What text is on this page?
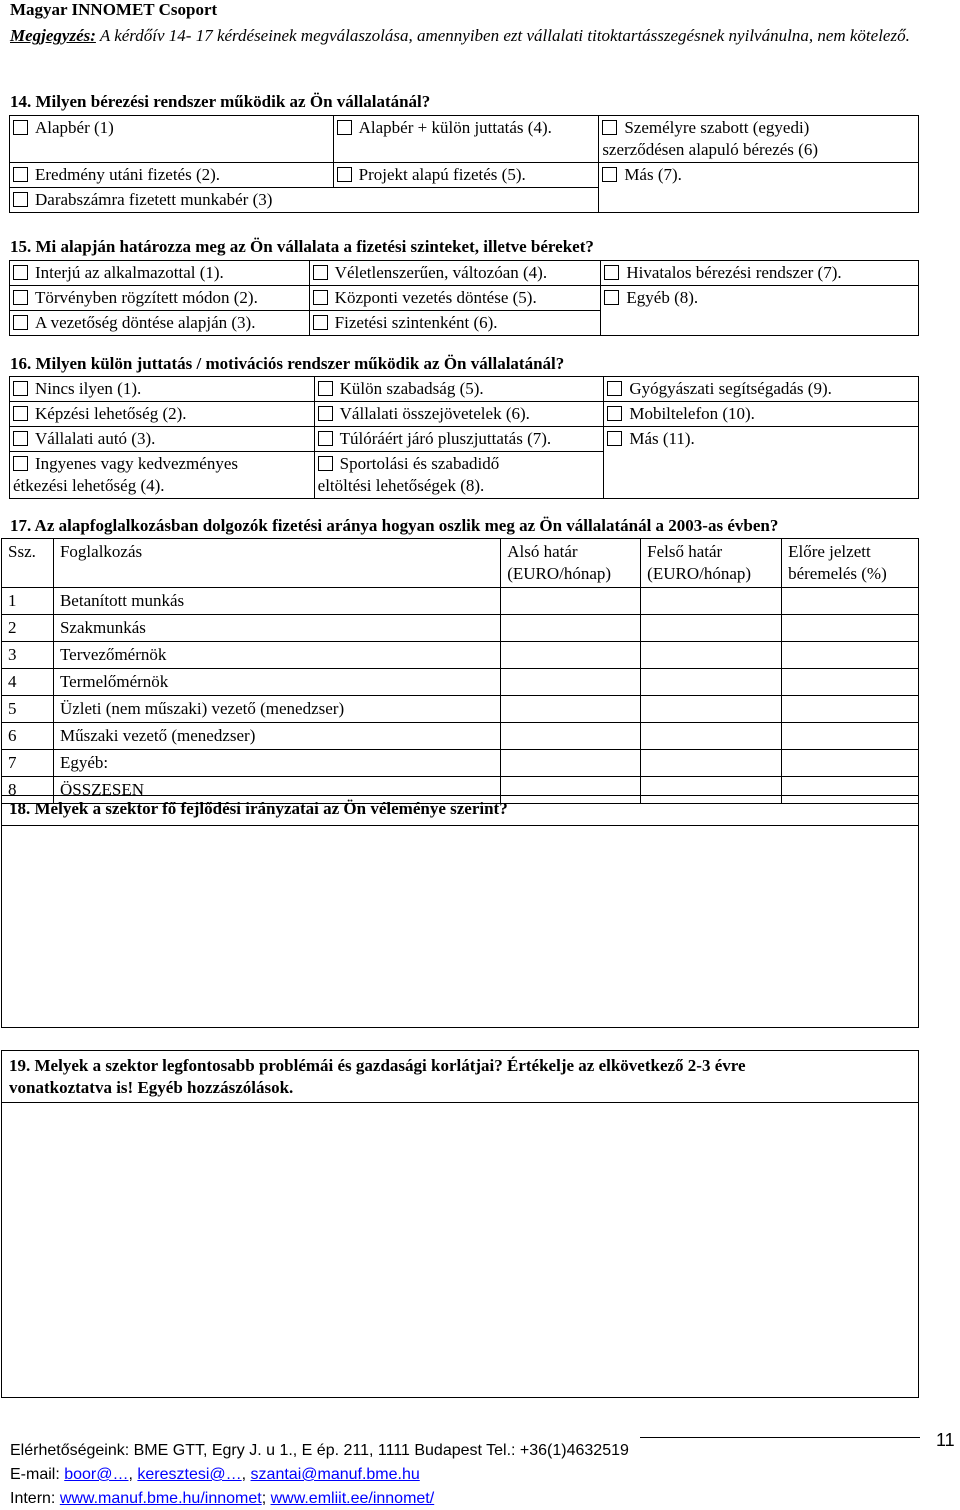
Magyar INNOMET Csoport
Megjegyzés: A kérdőív 14- 17 kérdéseinek megválaszolása, amennyiben ezt vállalati titoktartásszegésnek nyilvánulna, nem kötelező.
14. Milyen bérezési rendszer működik az Ön vállalatánál?
Alapbér (1)	Alapbér + külön juttatás (4).	Személyre szabott (egyedi)
szerződésen alapuló bérezés (6)
Eredmény utáni fizetés (2).	Projekt alapú fizetés (5).	Más (7).
Darabszámra fizetett munkabér (3)		
15. Mi alapján határozza meg az Ön vállalata a fizetési szinteket, illetve béreket?
Interjú az alkalmazottal (1).	Véletlenszerűen, változóan (4).	Hivatalos bérezési rendszer (7).
Törvényben rögzített módon (2).	Központi vezetés döntése (5).	Egyéb (8).
A vezetőség döntése alapján (3).	Fizetési szintenként (6).	
16. Milyen külön juttatás / motivációs rendszer működik az Ön vállalatánál?
Nincs ilyen (1).	Külön szabadság (5).	Gyógyászati segítségadás (9).
Képzési lehetőség (2).	Vállalati összejövetelek (6).	Mobiltelefon (10).
Vállalati autó (3).	Túlóráért járó pluszjuttatás (7).	Más (11).
Ingyenes vagy kedvezményes
étkezési lehetőség (4).	Sportolási és szabadidő
eltöltési lehetőségek (8).	
17. Az alapfoglalkozásban dolgozók fizetési aránya hogyan oszlik meg az Ön vállalatánál a 2003-as évben?
Ssz.	Foglalkozás	Alsó határ
(EURO/hónap)	Felső határ
(EURO/hónap)	Előre jelzett
béremelés (%)
1	Betanított munkás			
2	Szakmunkás			
3	Tervezőmérnök			
4	Termelőmérnök			
5	Üzleti (nem műszaki) vezető (menedzser)			
6	Műszaki vezető (menedzser)			
7	Egyéb:			
8	ÖSSZESEN			
18. Melyek a szektor fő fejlődési irányzatai az Ön véleménye szerint?
19. Melyek a szektor legfontosabb problémái és gazdasági korlátjai? Értékelje az elkövetkező 2-3 évre
vonatkoztatva is! Egyéb hozzászólások.
11
Elérhetőségeink: BME GTT, Egry J. u 1., E ép. 211, 1111 Budapest Tel.: +36(1)4632519
E-mail: boor@…, keresztesi@…, szantai@manuf.bme.hu
Intern: www.manuf.bme.hu/innomet; www.emliit.ee/innomet/
